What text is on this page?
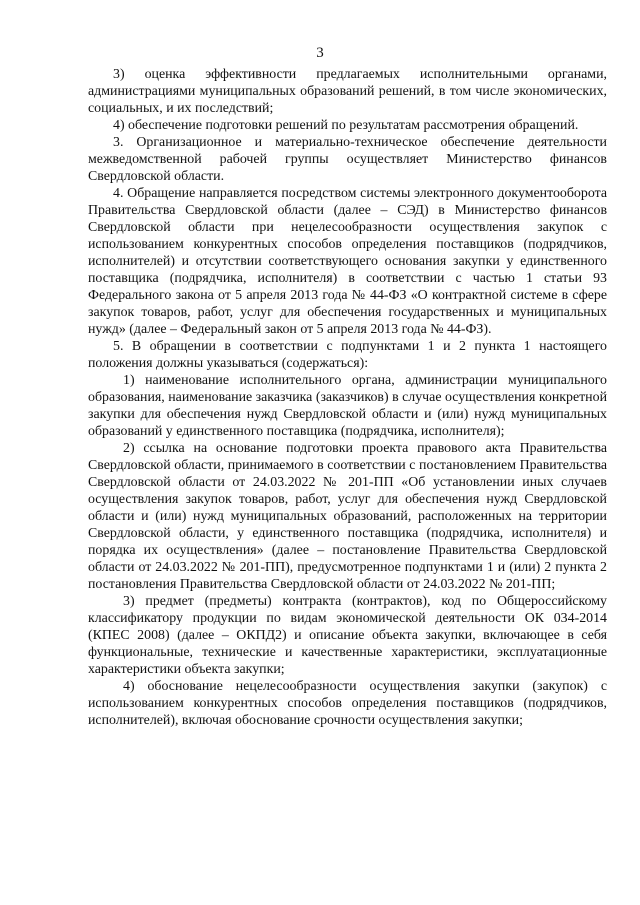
3

3) оценка эффективности предлагаемых исполнительными органами, администрациями муниципальных образований решений, в том числе экономических, социальных, и их последствий;

4) обеспечение подготовки решений по результатам рассмотрения обращений.

3. Организационное и материально-техническое обеспечение деятельности межведомственной рабочей группы осуществляет Министерство финансов Свердловской области.

4. Обращение направляется посредством системы электронного документооборота Правительства Свердловской области (далее – СЭД) в Министерство финансов Свердловской области при нецелесообразности осуществления закупок с использованием конкурентных способов определения поставщиков (подрядчиков, исполнителей) и отсутствии соответствующего основания закупки у единственного поставщика (подрядчика, исполнителя) в соответствии с частью 1 статьи 93 Федерального закона от 5 апреля 2013 года № 44-ФЗ «О контрактной системе в сфере закупок товаров, работ, услуг для обеспечения государственных и муниципальных нужд» (далее – Федеральный закон от 5 апреля 2013 года № 44-ФЗ).

5. В обращении в соответствии с подпунктами 1 и 2 пункта 1 настоящего положения должны указываться (содержаться):

1) наименование исполнительного органа, администрации муниципального образования, наименование заказчика (заказчиков) в случае осуществления конкретной закупки для обеспечения нужд Свердловской области и (или) нужд муниципальных образований у единственного поставщика (подрядчика, исполнителя);

2) ссылка на основание подготовки проекта правового акта Правительства Свердловской области, принимаемого в соответствии с постановлением Правительства Свердловской области от 24.03.2022 № 201-ПП «Об установлении иных случаев осуществления закупок товаров, работ, услуг для обеспечения нужд Свердловской области и (или) нужд муниципальных образований, расположенных на территории Свердловской области, у единственного поставщика (подрядчика, исполнителя) и порядка их осуществления» (далее – постановление Правительства Свердловской области от 24.03.2022 № 201-ПП), предусмотренное подпунктами 1 и (или) 2 пункта 2 постановления Правительства Свердловской области от 24.03.2022 № 201-ПП;

3) предмет (предметы) контракта (контрактов), код по Общероссийскому классификатору продукции по видам экономической деятельности ОК 034-2014 (КПЕС 2008) (далее – ОКПД2) и описание объекта закупки, включающее в себя функциональные, технические и качественные характеристики, эксплуатационные характеристики объекта закупки;

4) обоснование нецелесообразности осуществления закупки (закупок) с использованием конкурентных способов определения поставщиков (подрядчиков, исполнителей), включая обоснование срочности осуществления закупки;
